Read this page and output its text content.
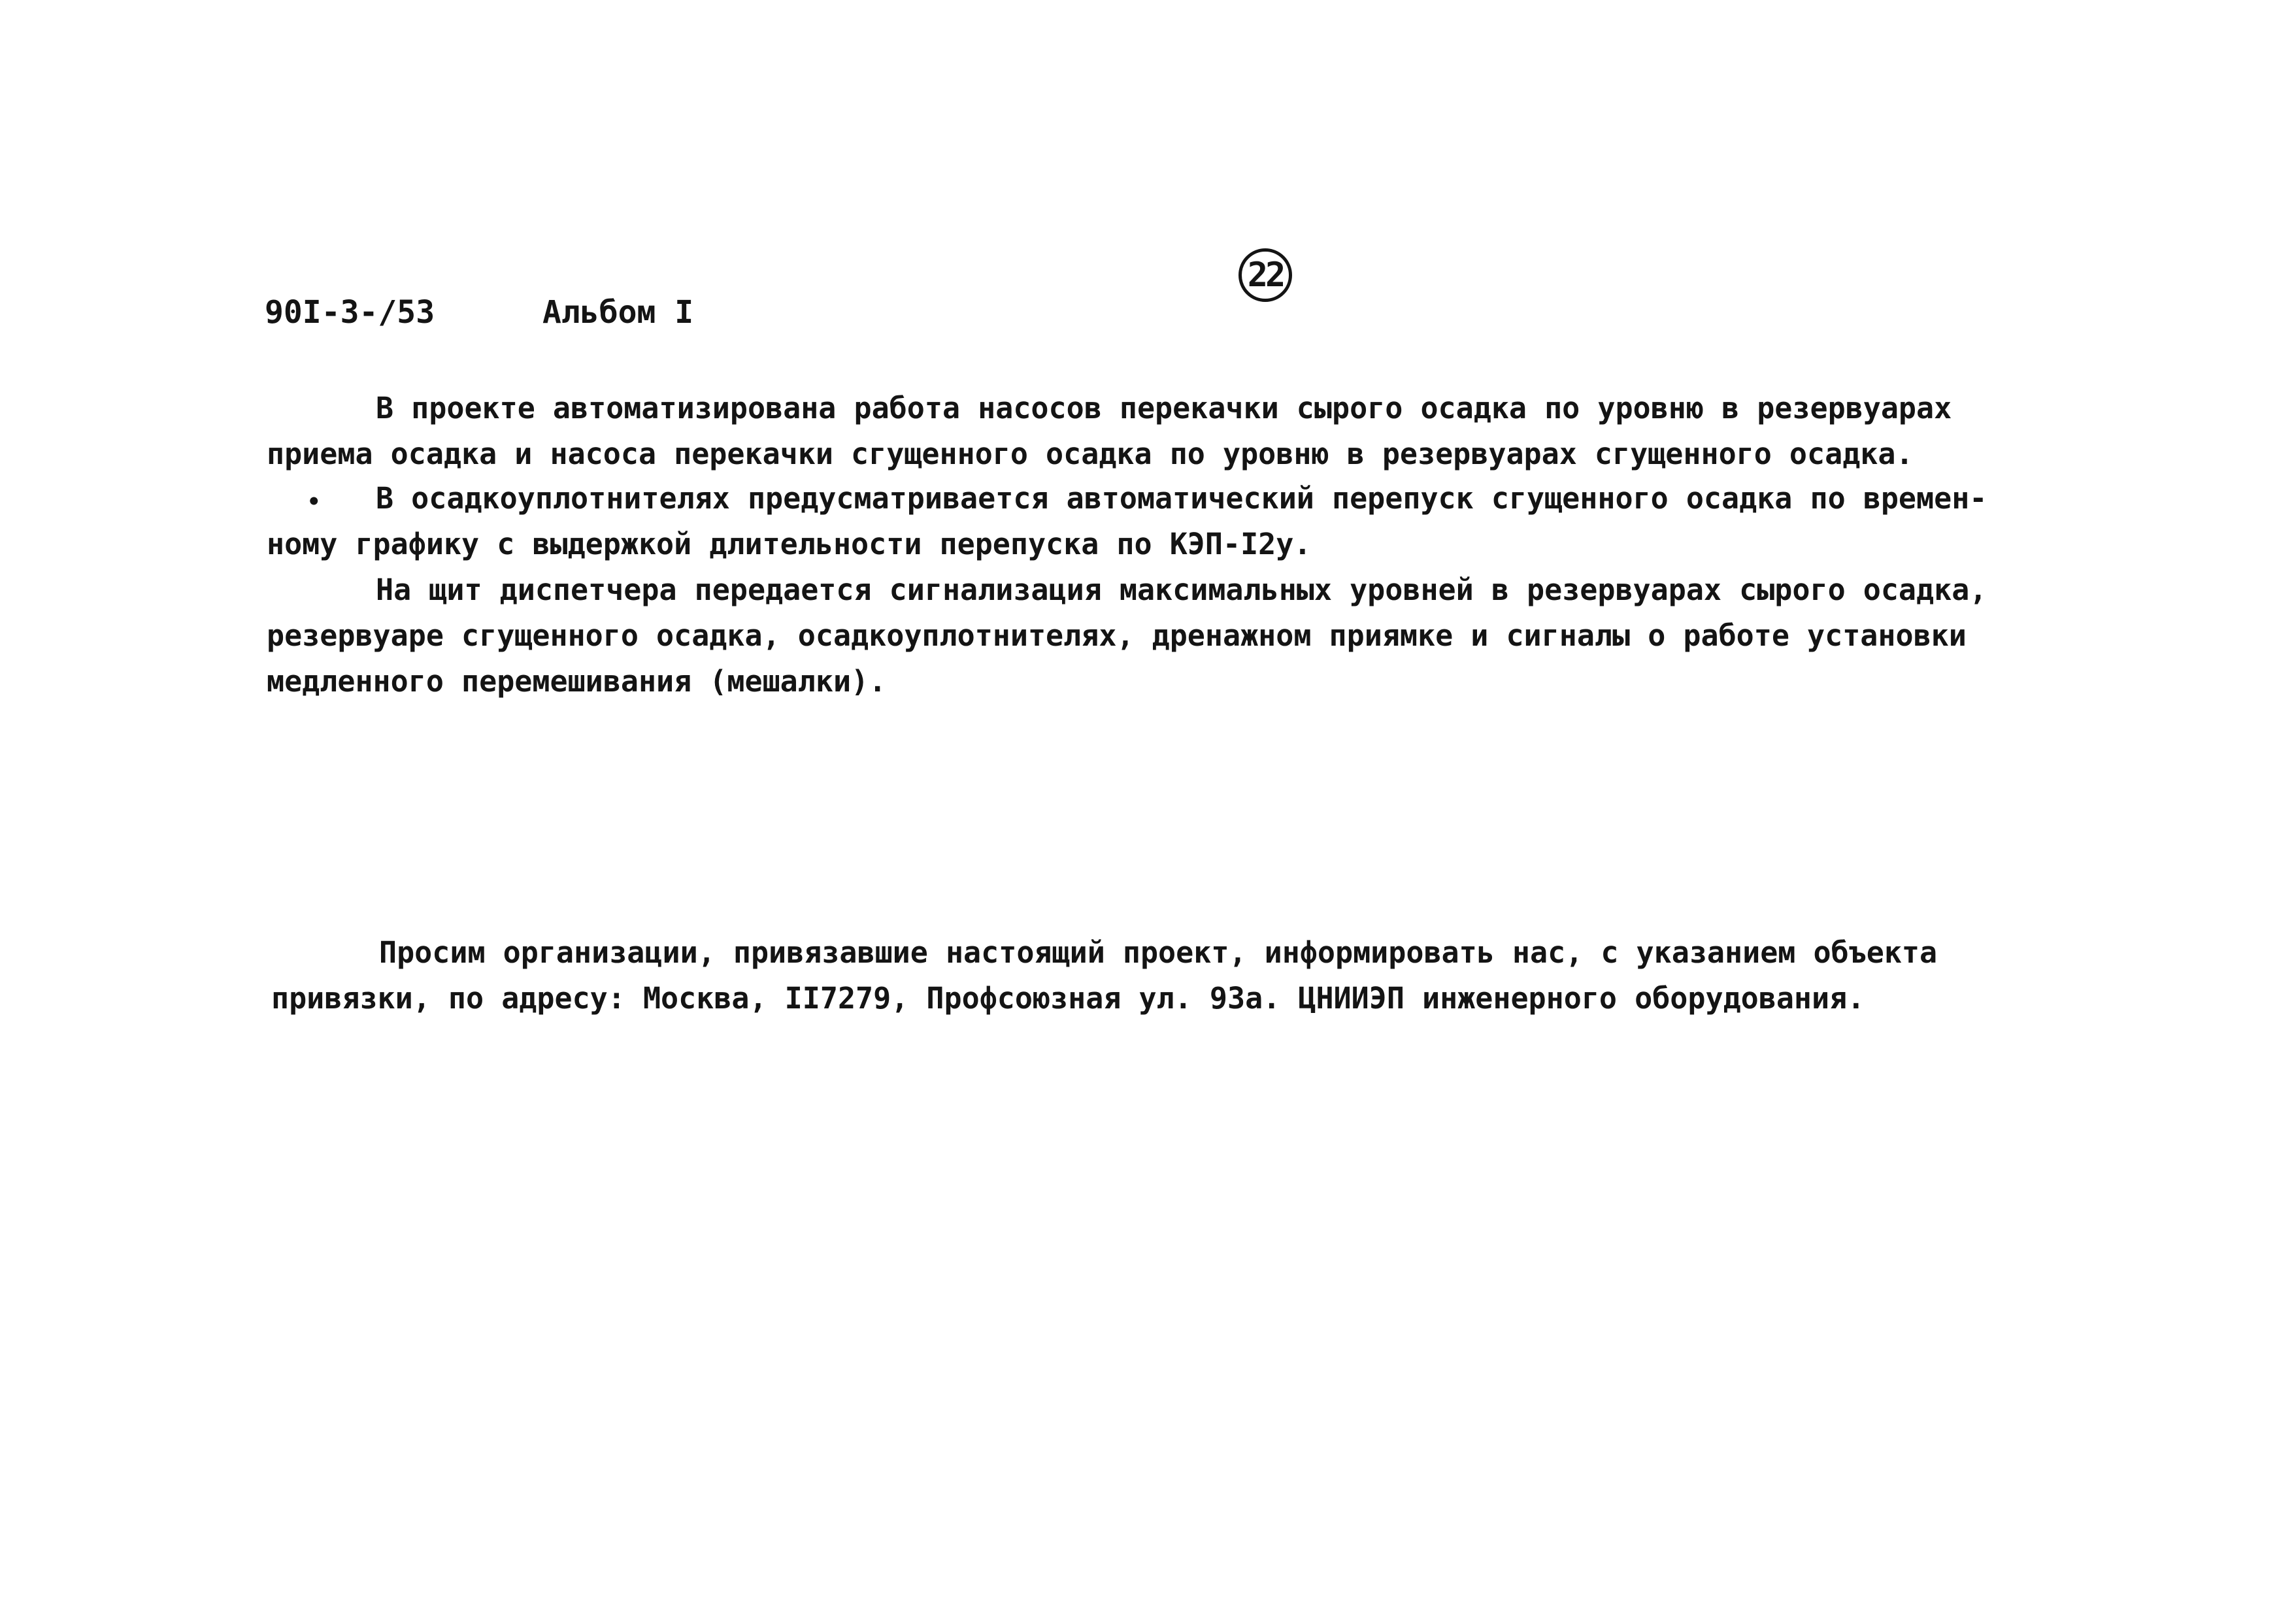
22
90I-3-/53	Альбом I
В проекте автоматизирована работа насосов перекачки сырого осадка по уровню в резервуарах
приема осадка и насоса перекачки сгущенного осадка по уровню в резервуарах сгущенного осадка.
• В осадкоуплотнителях предусматривается автоматический перепуск сгущенного осадка по времен-
ному графику с выдержкой длительности перепуска по КЭП-I2у.
На щит диспетчера передается сигнализация максимальных уровней в резервуарах сырого осадка,
резервуаре сгущенного осадка, осадкоуплотнителях, дренажном приямке и сигналы о работе установки
медленного перемешивания (мешалки).
Просим организации, привязавшие настоящий проект, информировать нас, с указанием объекта
привязки, по адресу: Москва, II7279, Профсоюзная ул. 93а. ЦНИИЭП инженерного оборудования.
